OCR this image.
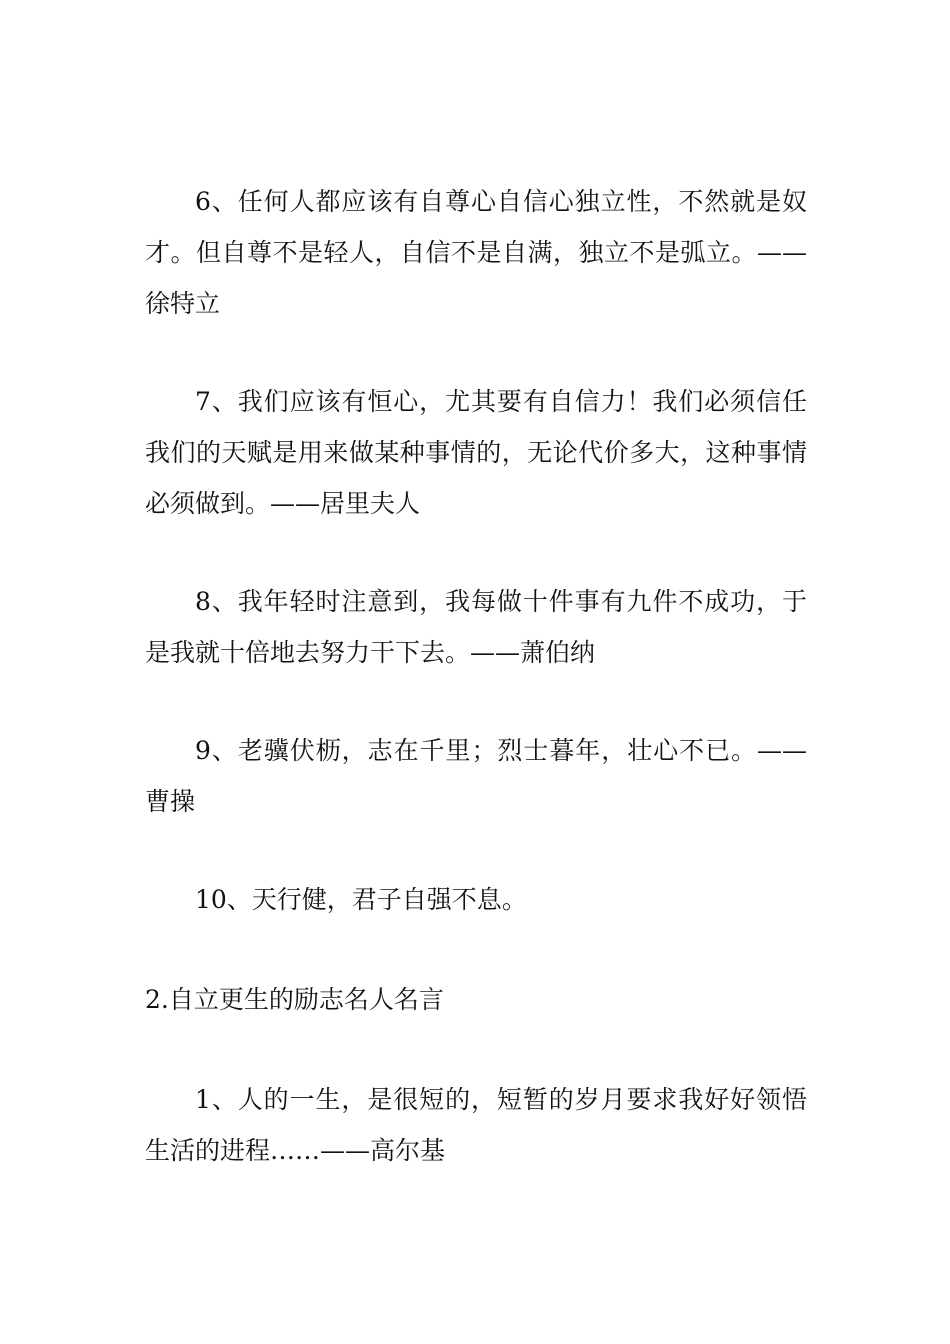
6、任何人都应该有自尊心自信心独立性，不然就是奴才。但自尊不是轻人，自信不是自满，独立不是弧立。——徐特立

7、我们应该有恒心，尤其要有自信力！我们必须信任我们的天赋是用来做某种事情的，无论代价多大，这种事情必须做到。——居里夫人

8、我年轻时注意到，我每做十件事有九件不成功，于是我就十倍地去努力干下去。——萧伯纳

9、老骥伏枥，志在千里；烈士暮年，壮心不已。——曹操

10、天行健，君子自强不息。

2.自立更生的励志名人名言

1、人的一生，是很短的，短暂的岁月要求我好好领悟生活的进程……——高尔基
